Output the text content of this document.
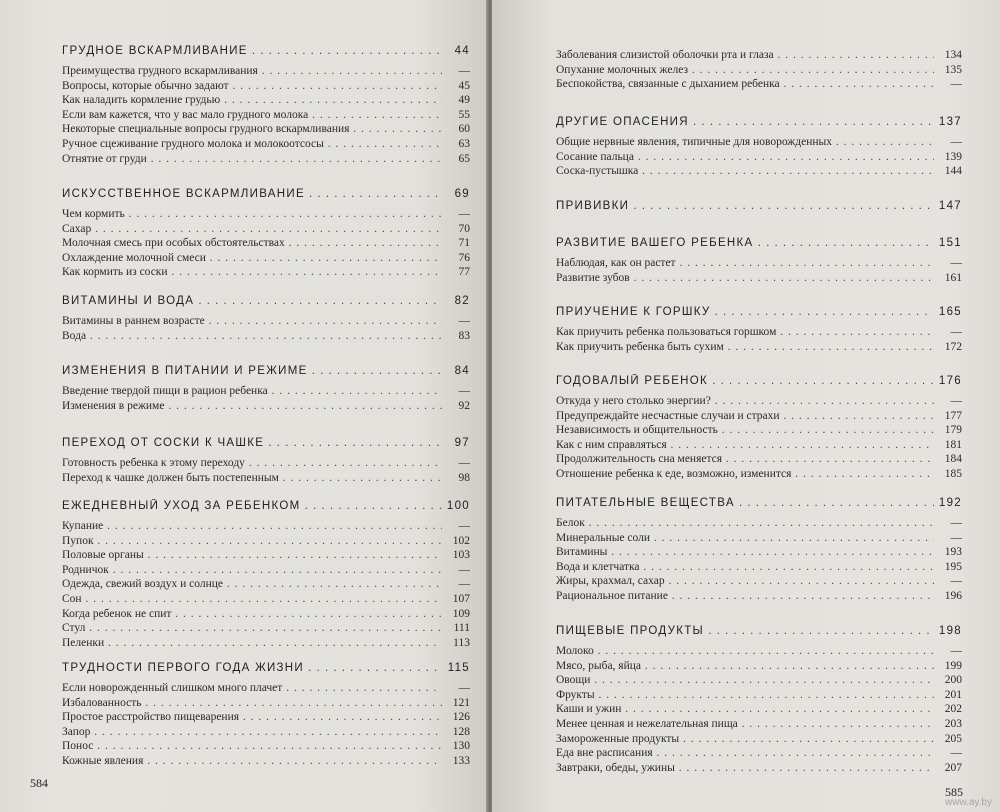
ГРУДНОЕ ВСКАРМЛИВАНИЕ . . .	44
Преимущества грудного вскармливания . . .	—
Вопросы, которые обычно задают . . .	45
Как наладить кормление грудью . . .	49
Если вам кажется, что у вас мало грудного молока . . .	55
Некоторые специальные вопросы грудного вскармливания . . .	60
Ручное сцеживание грудного молока и молокоотсосы . . .	63
Отнятие от груди . . .	65
ИСКУССТВЕННОЕ ВСКАРМЛИВАНИЕ . . .	69
Чем кормить . . .	—
Сахар . . .	70
Молочная смесь при особых обстоятельствах . . .	71
Охлаждение молочной смеси . . .	76
Как кормить из соски . . .	77
ВИТАМИНЫ И ВОДА . . .	82
Витамины в раннем возрасте . . .	—
Вода . . .	83
ИЗМЕНЕНИЯ В ПИТАНИИ И РЕЖИМЕ . . .	84
Введение твердой пищи в рацион ребенка . . .	—
Изменения в режиме . . .	92
ПЕРЕХОД ОТ СОСКИ К ЧАШКЕ . . .	97
Готовность ребенка к этому переходу . . .	—
Переход к чашке должен быть постепенным . . .	98
ЕЖЕДНЕВНЫЙ УХОД ЗА РЕБЕНКОМ . . .	100
Купание . . .	—
Пупок . . .	102
Половые органы . . .	103
Родничок . . .	—
Одежда, свежий воздух и солнце . . .	—
Сон . . .	107
Когда ребенок не спит . . .	109
Стул . . .	111
Пеленки . . .	113
ТРУДНОСТИ ПЕРВОГО ГОДА ЖИЗНИ . . .	115
Если новорожденный слишком много плачет . . .	—
Избалованность . . .	121
Простое расстройство пищеварения . . .	126
Запор . . .	128
Понос . . .	130
Кожные явления . . .	133
584
Заболевания слизистой оболочки рта и глаза . . .	134
Опухание молочных желез . . .	135
Беспокойства, связанные с дыханием ребенка . . .	—
ДРУГИЕ ОПАСЕНИЯ . . .	137
Общие нервные явления, типичные для новорожденных . . .	—
Сосание пальца . . .	139
Соска-пустышка . . .	144
ПРИВИВКИ . . .	147
РАЗВИТИЕ ВАШЕГО РЕБЕНКА . . .	151
Наблюдая, как он растет . . .	—
Развитие зубов . . .	161
ПРИУЧЕНИЕ К ГОРШКУ . . .	165
Как приучить ребенка пользоваться горшком . . .	—
Как приучить ребенка быть сухим . . .	172
ГОДОВАЛЫЙ РЕБЕНОК . . .	176
Откуда у него столько энергии? . . .	—
Предупреждайте несчастные случаи и страхи . . .	177
Независимость и общительность . . .	179
Как с ним справляться . . .	181
Продолжительность сна меняется . . .	184
Отношение ребенка к еде, возможно, изменится . . .	185
ПИТАТЕЛЬНЫЕ ВЕЩЕСТВА . . .	192
Белок . . .	—
Минеральные соли . . .	—
Витамины . . .	193
Вода и клетчатка . . .	195
Жиры, крахмал, сахар . . .	—
Рациональное питание . . .	196
ПИЩЕВЫЕ ПРОДУКТЫ . . .	198
Молоко . . .	—
Мясо, рыба, яйца . . .	199
Овощи . . .	200
Фрукты . . .	201
Каши и ужин . . .	202
Менее ценная и нежелательная пища . . .	203
Замороженные продукты . . .	205
Еда вне расписания . . .	—
Завтраки, обеды, ужины . . .	207
585
www.ay.by
